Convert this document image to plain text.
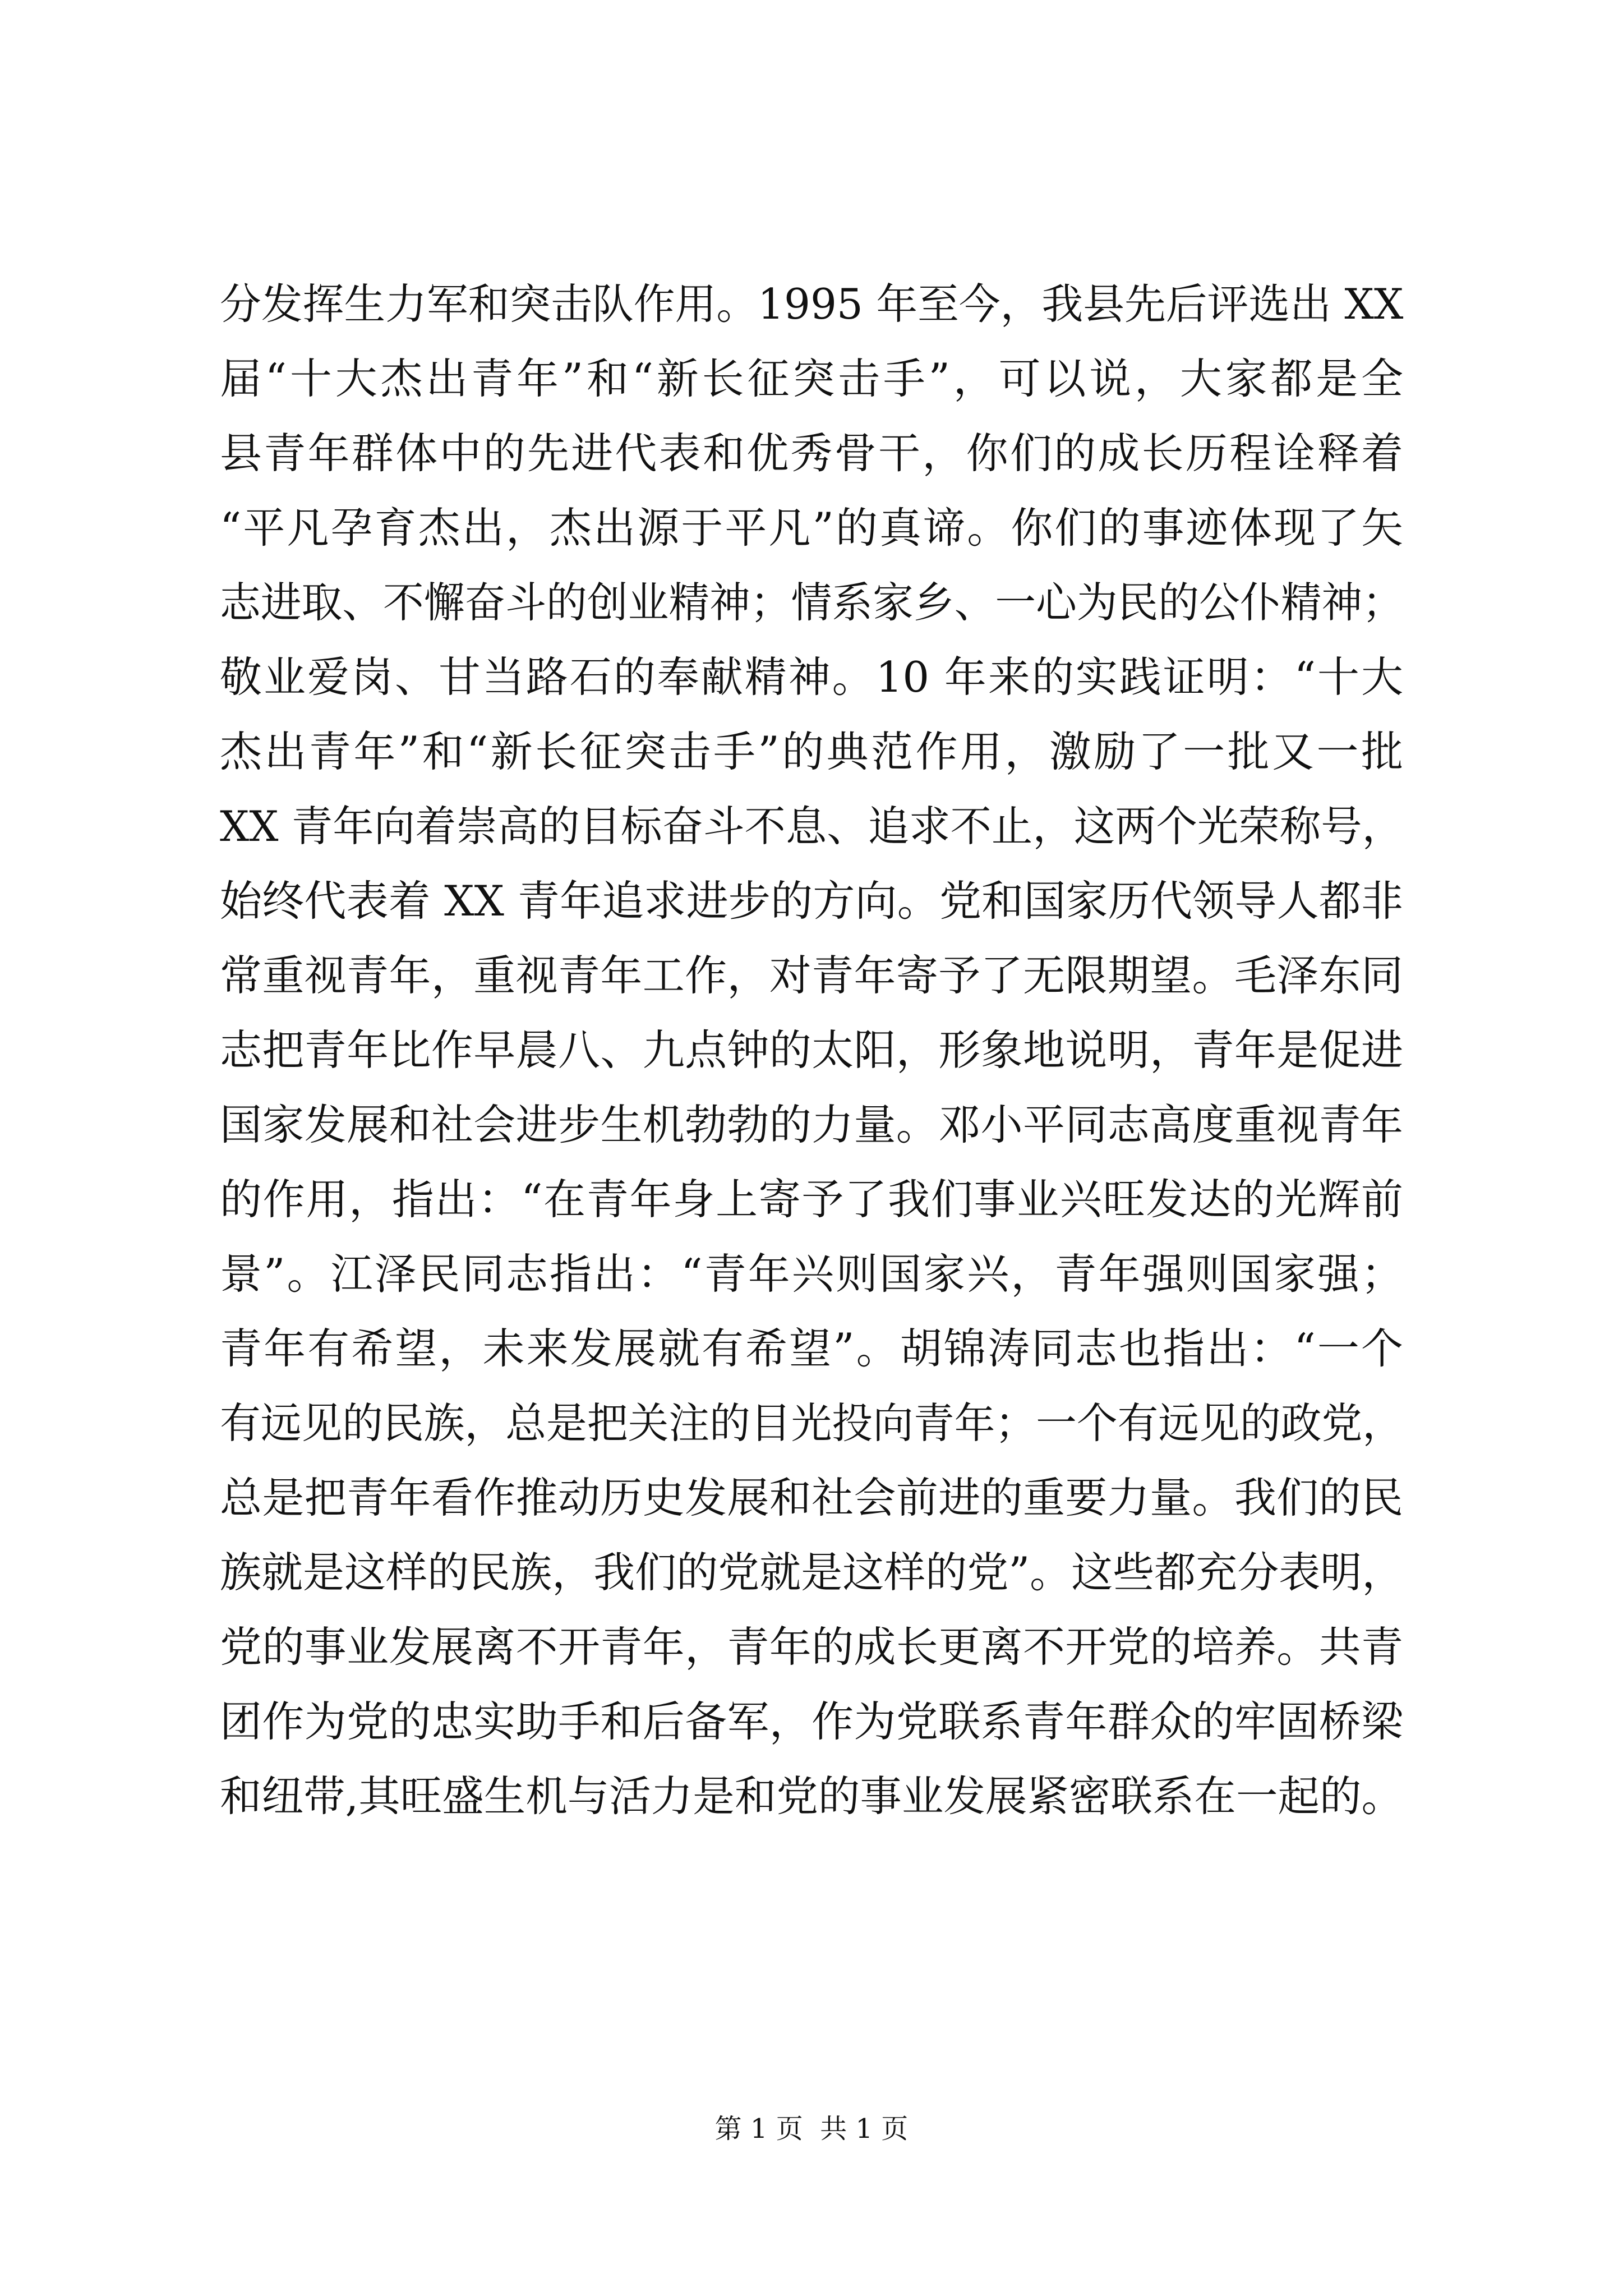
分发挥生力军和突击队作用。1995 年至今，我县先后评选出 XX
届“十大杰出青年”和“新长征突击手”，可以说，大家都是全
县青年群体中的先进代表和优秀骨干，你们的成长历程诠释着
“平凡孕育杰出，杰出源于平凡”的真谛。你们的事迹体现了矢
志进取、不懈奋斗的创业精神；情系家乡、一心为民的公仆精神；
敬业爱岗、甘当路石的奉献精神。10 年来的实践证明：“十大
杰出青年”和“新长征突击手”的典范作用，激励了一批又一批
XX 青年向着崇高的目标奋斗不息、追求不止，这两个光荣称号，
始终代表着 XX 青年追求进步的方向。党和国家历代领导人都非
常重视青年，重视青年工作，对青年寄予了无限期望。毛泽东同
志把青年比作早晨八、九点钟的太阳，形象地说明，青年是促进
国家发展和社会进步生机勃勃的力量。邓小平同志高度重视青年
的作用，指出：“在青年身上寄予了我们事业兴旺发达的光辉前
景”。江泽民同志指出：“青年兴则国家兴，青年强则国家强；
青年有希望，未来发展就有希望”。胡锦涛同志也指出：“一个
有远见的民族，总是把关注的目光投向青年；一个有远见的政党，
总是把青年看作推动历史发展和社会前进的重要力量。我们的民
族就是这样的民族，我们的党就是这样的党”。这些都充分表明，
党的事业发展离不开青年，青年的成长更离不开党的培养。共青
团作为党的忠实助手和后备军，作为党联系青年群众的牢固桥梁
和纽带,其旺盛生机与活力是和党的事业发展紧密联系在一起的。
第 1 页  共 1 页
